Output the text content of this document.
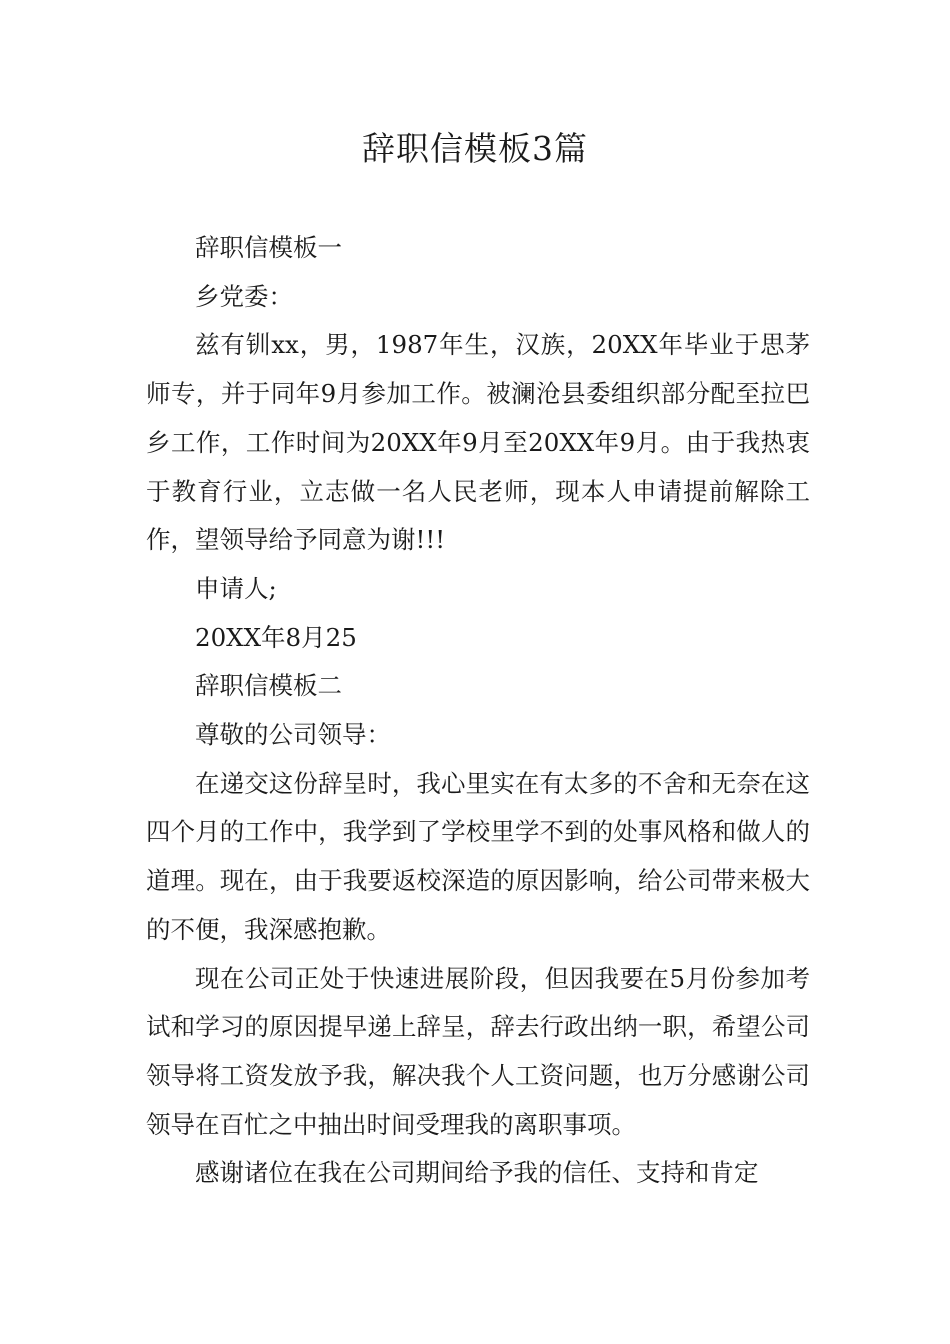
辞职信模板3篇

辞职信模板一

乡党委：

兹有钏xx，男，1987年生，汉族，20XX年毕业于思茅师专，并于同年9月参加工作。被澜沧县委组织部分配至拉巴乡工作，工作时间为20XX年9月至20XX年9月。由于我热衷于教育行业，立志做一名人民老师，现本人申请提前解除工作，望领导给予同意为谢!!!

申请人;

20XX年8月25

辞职信模板二

尊敬的公司领导：

在递交这份辞呈时，我心里实在有太多的不舍和无奈在这四个月的工作中，我学到了学校里学不到的处事风格和做人的道理。现在，由于我要返校深造的原因影响，给公司带来极大的不便，我深感抱歉。

现在公司正处于快速进展阶段，但因我要在5月份参加考试和学习的原因提早递上辞呈，辞去行政出纳一职，希望公司领导将工资发放予我，解决我个人工资问题，也万分感谢公司领导在百忙之中抽出时间受理我的离职事项。

感谢诸位在我在公司期间给予我的信任、支持和肯定
